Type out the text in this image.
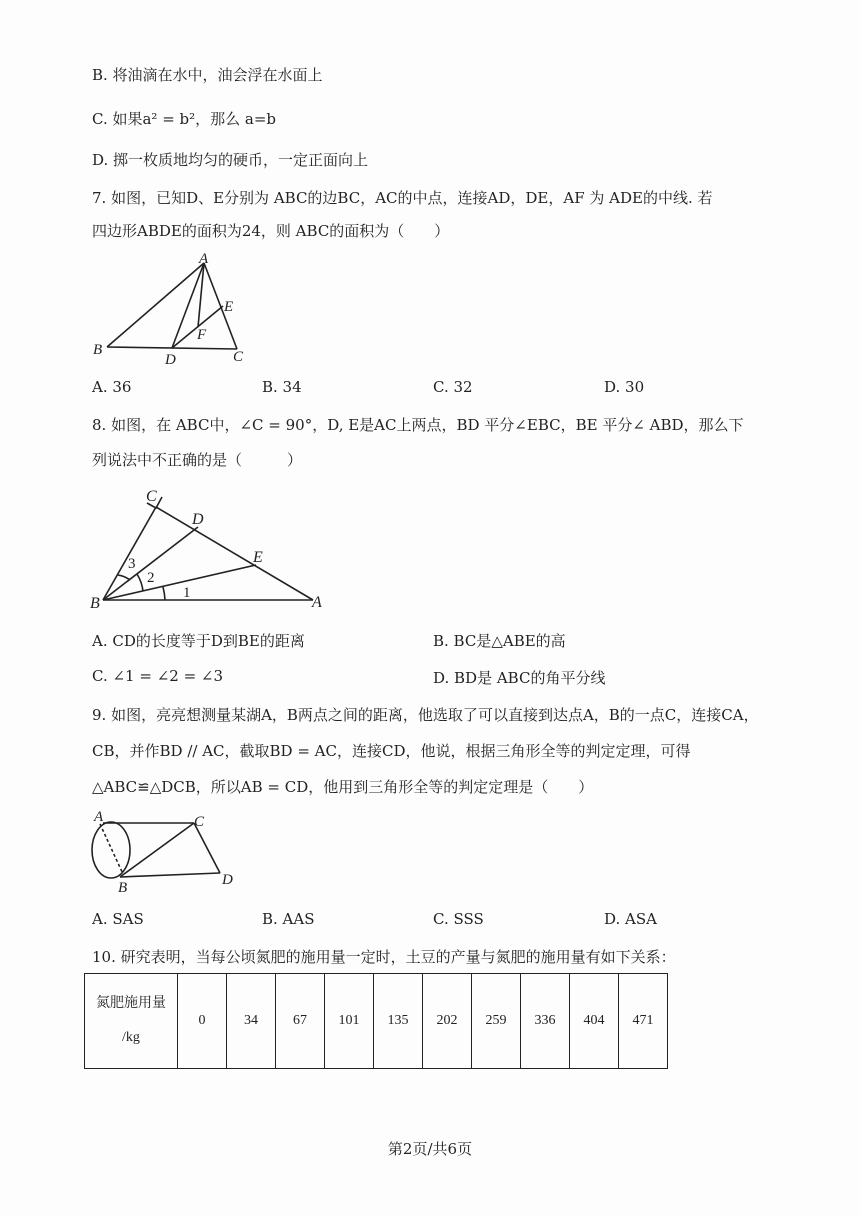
B. 将油滴在水中，油会浮在水面上
C. 如果a² = b²，那么 a=b
D. 掷一枚质地均匀的硬币，一定正面向上
7. 如图，已知D、E分别为 ABC的边BC，AC的中点，连接AD，DE，AF 为 ADE的中线. 若
四边形ABDE的面积为24，则 ABC的面积为（　　）
A
B	C
D
E
F
A. 36	B. 34	C. 32	D. 30
8. 如图，在 ABC中，∠C = 90°，D, E是AC上两点，BD 平分∠EBC，BE 平分∠ ABD，那么下
列说法中不正确的是（　　　）
C
D
E
B	A
3
2
1
A. CD的长度等于D到BE的距离	B. BC是△ABE的高
C. ∠1 = ∠2 = ∠3	D. BD是 ABC的角平分线
9. 如图，亮亮想测量某湖A，B两点之间的距离，他选取了可以直接到达点A，B的一点C，连接CA，
CB，并作BD // AC，截取BD = AC，连接CD，他说，根据三角形全等的判定定理，可得
△ABC≌△DCB，所以AB = CD，他用到三角形全等的判定定理是（　　）
A	C
B	D
A. SAS	B. AAS	C. SSS	D. ASA
10. 研究表明，当每公顷氮肥的施用量一定时，土豆的产量与氮肥的施用量有如下关系：
氮肥施用量
/kg
	0	34	67	101	135	202	259	336	404	471
第2页/共6页
